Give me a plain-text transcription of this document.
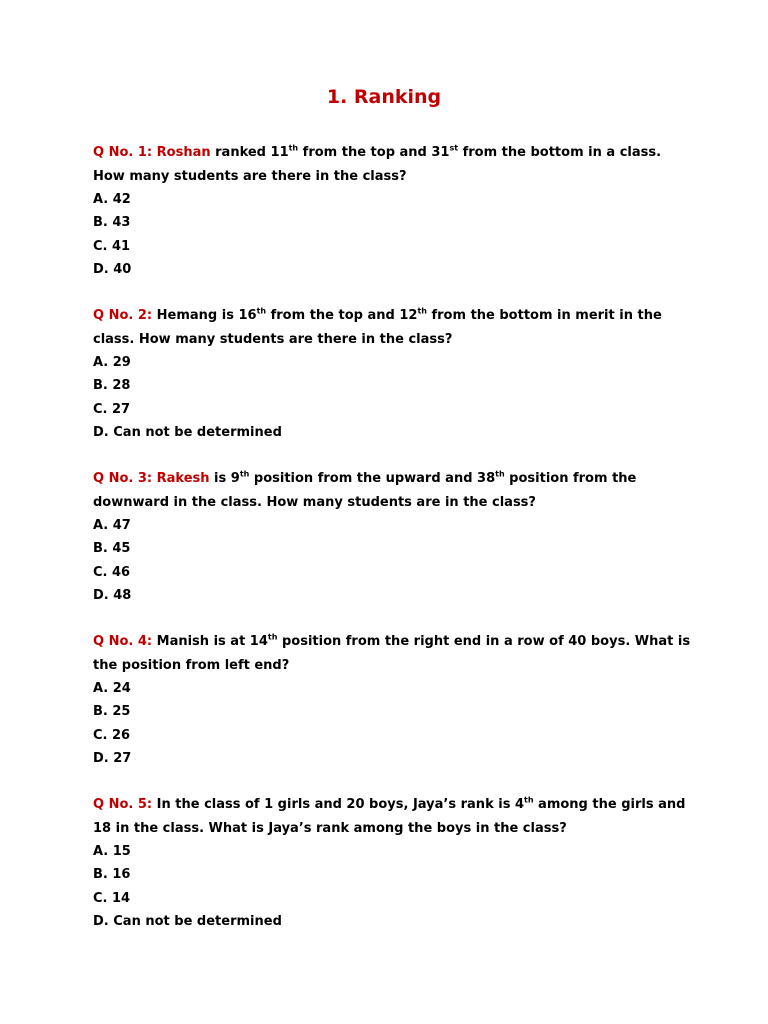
1. Ranking

Q No. 1: Roshan ranked 11th from the top and 31st from the bottom in a class. How many students are there in the class?

A. 42

B. 43

C. 41

D. 40

Q No. 2: Hemang is 16th from the top and 12th from the bottom in merit in the class. How many students are there in the class?

A. 29

B. 28

C. 27

D. Can not be determined

Q No. 3: Rakesh is 9th position from the upward and 38th position from the downward in the class. How many students are in the class?

A. 47

B. 45

C. 46

D. 48

Q No. 4: Manish is at 14th position from the right end in a row of 40 boys. What is the position from left end?

A. 24

B. 25

C. 26

D. 27

Q No. 5: In the class of 1 girls and 20 boys, Jaya’s rank is 4th among the girls and 18 in the class. What is Jaya’s rank among the boys in the class?

A. 15

B. 16

C. 14

D. Can not be determined
